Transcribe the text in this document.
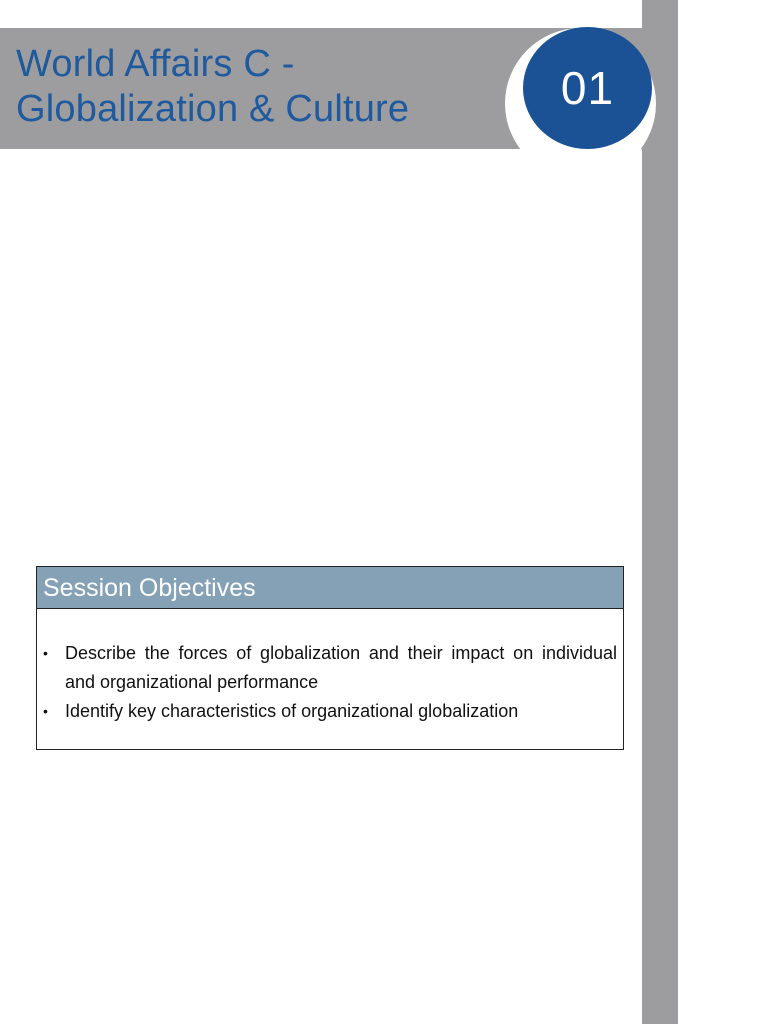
World Affairs C -
Globalization & Culture	01
Session Objectives
• Describe the forces of globalization and their impact on individual and organizational performance
• Identify key characteristics of organizational globalization
